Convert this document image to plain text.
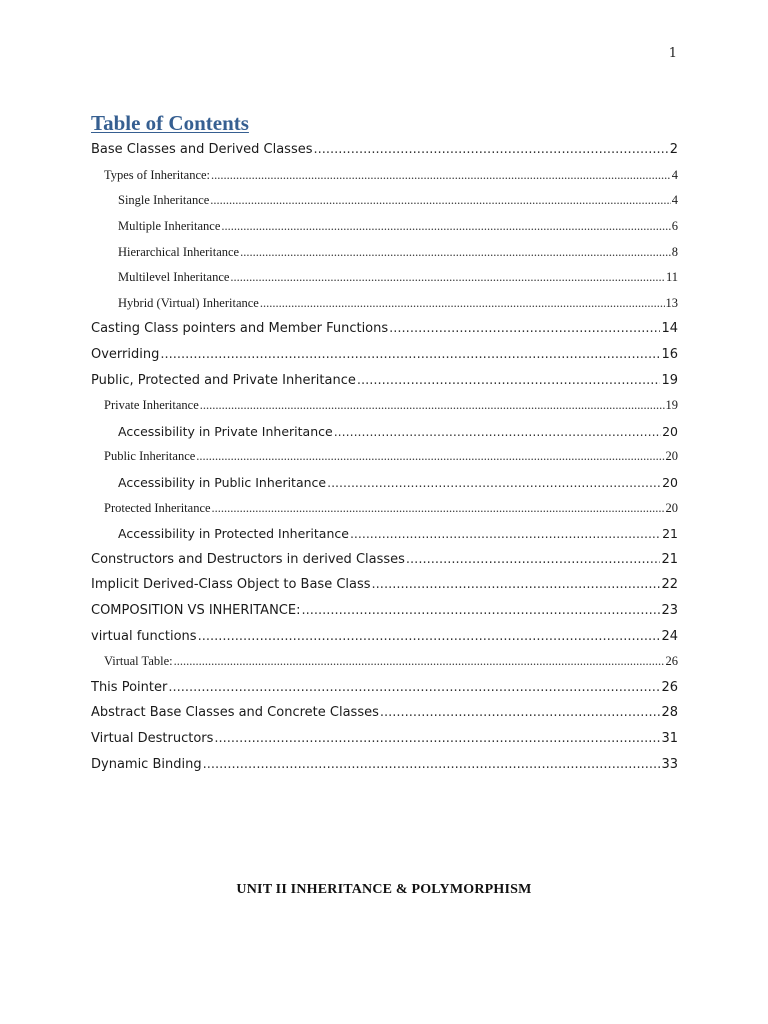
1
Table of Contents
Base Classes and Derived Classes .....	2
Types of Inheritance: .....	4
Single Inheritance .....	4
Multiple Inheritance .....	6
Hierarchical Inheritance .....	8
Multilevel Inheritance .....	11
Hybrid (Virtual) Inheritance .....	13
Casting Class pointers and Member Functions .....	14
Overriding .....	16
Public, Protected and Private Inheritance .....	19
Private Inheritance .....	19
Accessibility in Private Inheritance .....	20
Public Inheritance .....	20
Accessibility in Public Inheritance .....	20
Protected Inheritance .....	20
Accessibility in Protected Inheritance .....	21
Constructors and Destructors in derived Classes .....	21
Implicit Derived-Class Object to Base Class .....	22
COMPOSITION VS INHERITANCE: .....	23
virtual functions .....	24
Virtual Table: .....	26
This Pointer .....	26
Abstract Base Classes and Concrete Classes .....	28
Virtual Destructors .....	31
Dynamic Binding .....	33
UNIT II INHERITANCE & POLYMORPHISM
